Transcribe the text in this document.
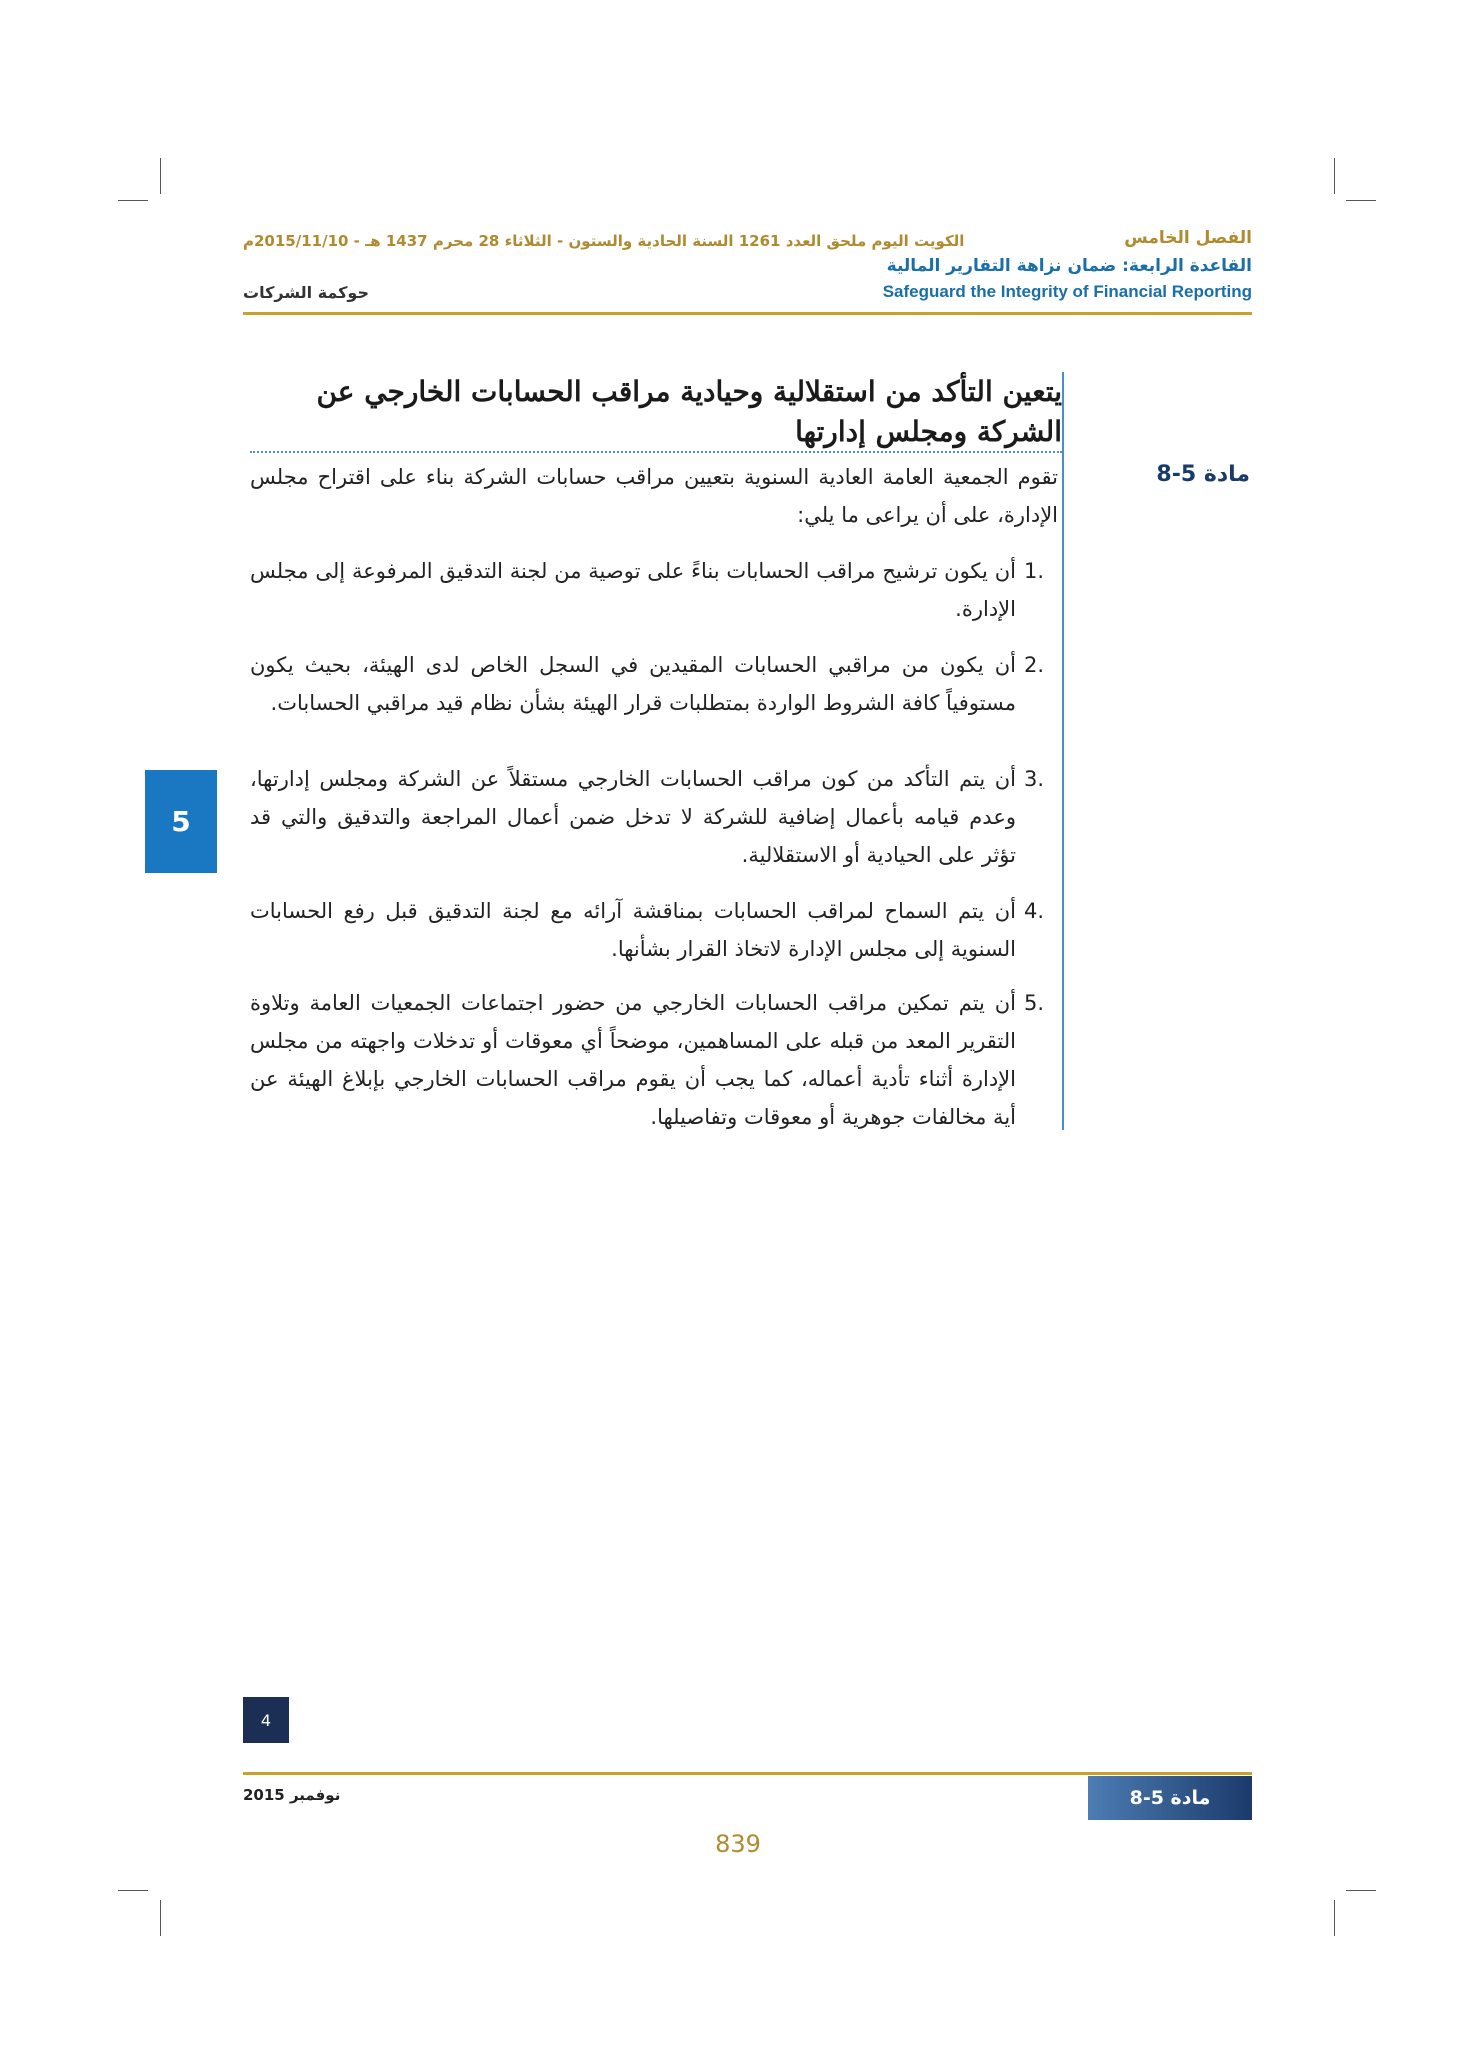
الكويت اليوم ملحق العدد 1261 السنة الحادية والستون - الثلاثاء 28 محرم 1437 هـ - 2015/11/10م	الفصل الخامس
القاعدة الرابعة: ضمان نزاهة التقارير المالية
Safeguard the Integrity of Financial Reporting
حوكمة الشركات
يتعين التأكد من استقلالية وحيادية مراقب الحسابات الخارجي عن الشركة ومجلس إدارتها
مادة 5-8
تقوم الجمعية العامة العادية السنوية بتعيين مراقب حسابات الشركة بناء على اقتراح مجلس الإدارة، على أن يراعى ما يلي:
1.
أن يكون ترشيح مراقب الحسابات بناءً على توصية من لجنة التدقيق المرفوعة إلى مجلس الإدارة.
2.
أن يكون من مراقبي الحسابات المقيدين في السجل الخاص لدى الهيئة، بحيث يكون مستوفياً كافة الشروط الواردة بمتطلبات قرار الهيئة بشأن نظام قيد مراقبي الحسابات.
3.
أن يتم التأكد من كون مراقب الحسابات الخارجي مستقلاً عن الشركة ومجلس إدارتها، وعدم قيامه بأعمال إضافية للشركة لا تدخل ضمن أعمال المراجعة والتدقيق والتي قد تؤثر على الحيادية أو الاستقلالية.
4.
أن يتم السماح لمراقب الحسابات بمناقشة آرائه مع لجنة التدقيق قبل رفع الحسابات السنوية إلى مجلس الإدارة لاتخاذ القرار بشأنها.
5.
أن يتم تمكين مراقب الحسابات الخارجي من حضور اجتماعات الجمعيات العامة وتلاوة التقرير المعد من قبله على المساهمين، موضحاً أي معوقات أو تدخلات واجهته من مجلس الإدارة أثناء تأدية أعماله، كما يجب أن يقوم مراقب الحسابات الخارجي بإبلاغ الهيئة عن أية مخالفات جوهرية أو معوقات وتفاصيلها.
5
4
نوفمبر 2015	مادة 5-8
839
